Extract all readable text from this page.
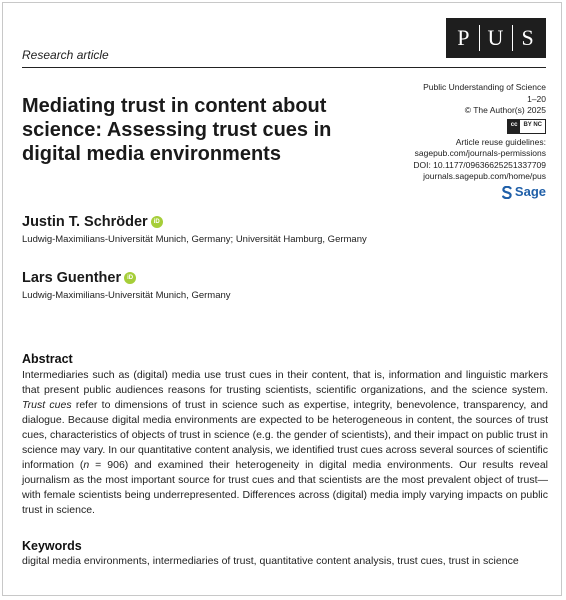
P U S
Research article
Mediating trust in content about
science: Assessing trust cues in
digital media environments
Public Understanding of Science
1–20
© The Author(s) 2025
cc	BY NC
Article reuse guidelines:
sagepub.com/journals-permissions
DOI: 10.1177/09636625251337709
journals.sagepub.com/home/pus
Sage
Justin T. Schröder	iD
Ludwig-Maximilians-Universität Munich, Germany; Universität Hamburg, Germany
Lars Guenther	iD
Ludwig-Maximilians-Universität Munich, Germany
Abstract

Intermediaries such as (digital) media use trust cues in their content, that is, information and linguistic markers that present public audiences reasons for trusting scientists, scientific organizations, and the science system. Trust cues refer to dimensions of trust in science such as expertise, integrity, benevolence, transparency, and dialogue. Because digital media environments are expected to be heterogeneous in content, the sources of trust cues, characteristics of objects of trust in science (e.g. the gender of scientists), and their impact on public trust in science may vary. In our quantitative content analysis, we identified trust cues across several sources of scientific information (n = 906) and examined their heterogeneity in digital media environments. Our results reveal journalism as the most important source for trust cues and that scientists are the most prevalent object of trust—with female scientists being underrepresented. Differences across (digital) media imply varying impacts on public trust in science.

Keywords
digital media environments, intermediaries of trust, quantitative content analysis, trust cues, trust in science
